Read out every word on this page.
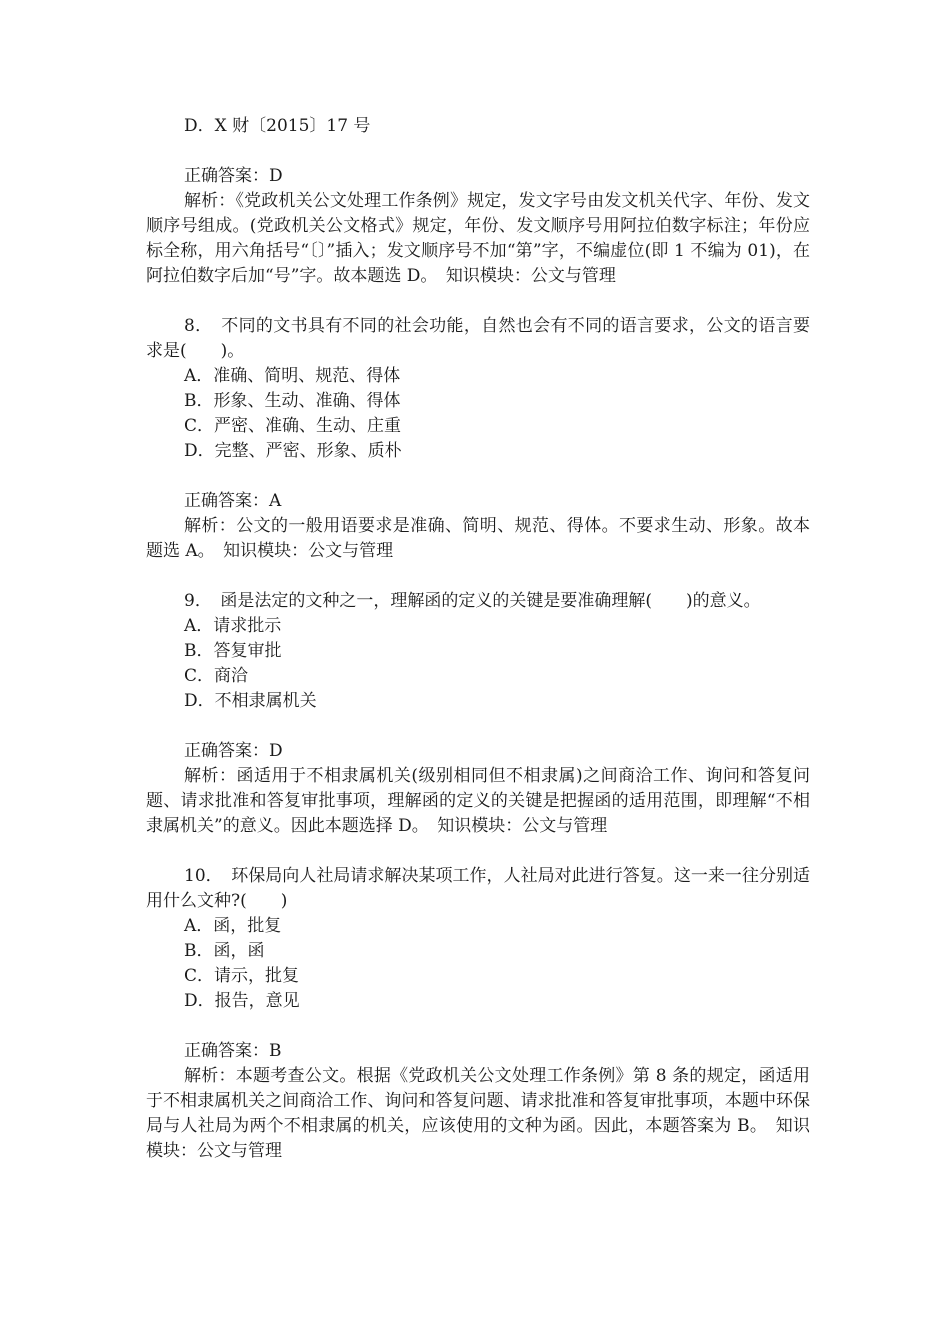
D．X 财〔2015〕17 号
正确答案：D

解析：《党政机关公文处理工作条例》规定，发文字号由发文机关代字、年份、发文顺序号组成。(党政机关公文格式》规定，年份、发文顺序号用阿拉伯数字标注；年份应标全称，用六角括号“〔〕”插入；发文顺序号不加“第”字，不编虚位(即 1 不编为 01)，在阿拉伯数字后加“号”字。故本题选 D。　知识模块：公文与管理

8．　不同的文书具有不同的社会功能，自然也会有不同的语言要求，公文的语言要求是(　　)。

A．准确、简明、规范、得体
B．形象、生动、准确、得体
C．严密、准确、生动、庄重
D．完整、严密、形象、质朴
正确答案：A

解析：公文的一般用语要求是准确、简明、规范、得体。不要求生动、形象。故本题选 A。　知识模块：公文与管理

9．　函是法定的文种之一，理解函的定义的关键是要准确理解(　　)的意义。

A．请求批示
B．答复审批
C．商洽
D．不相隶属机关
正确答案：D

解析：函适用于不相隶属机关(级别相同但不相隶属)之间商洽工作、询问和答复问题、请求批准和答复审批事项，理解函的定义的关键是把握函的适用范围，即理解“不相隶属机关”的意义。因此本题选择 D。　知识模块：公文与管理

10．　环保局向人社局请求解决某项工作，人社局对此进行答复。这一来一往分别适用什么文种?(　　)

A．函，批复
B．函，函
C．请示，批复
D．报告，意见
正确答案：B

解析：本题考查公文。根据《党政机关公文处理工作条例》第 8 条的规定，函适用于不相隶属机关之间商洽工作、询问和答复问题、请求批准和答复审批事项，本题中环保局与人社局为两个不相隶属的机关，应该使用的文种为函。因此，本题答案为 B。　知识模块：公文与管理
